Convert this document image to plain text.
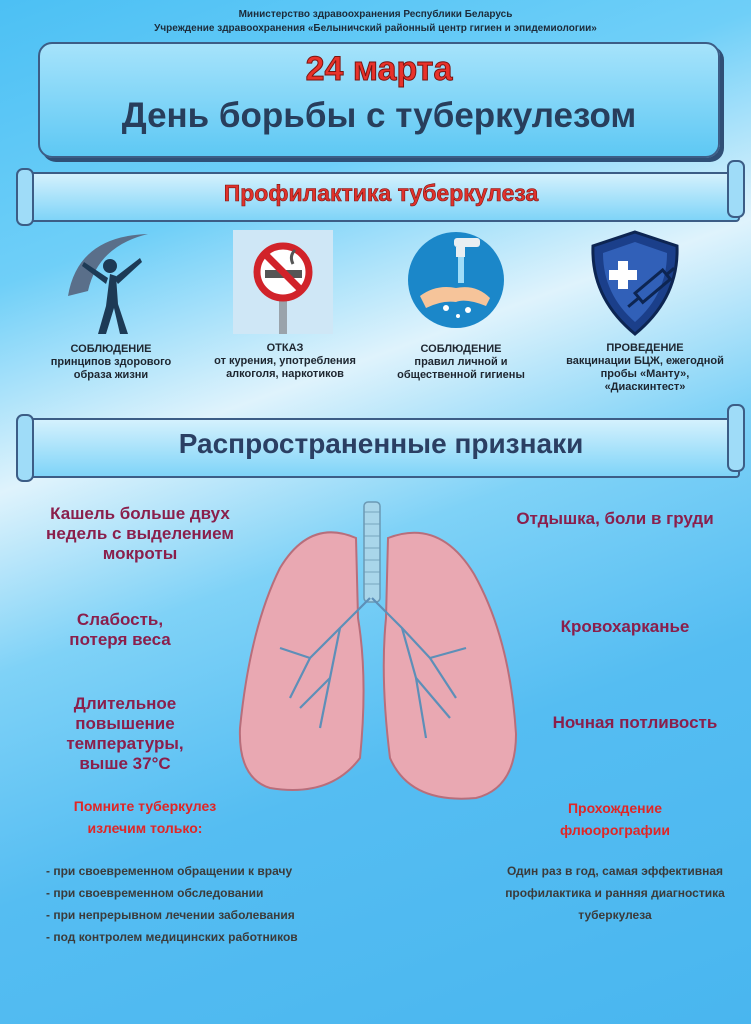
Министерство здравоохранения Республики Беларусь
Учреждение здравоохранения «Белыничский районный центр гигиен и эпидемиологии»
24 марта
День борьбы с туберкулезом
Профилактика туберкулеза
СОБЛЮДЕНИЕ
принципов здорового образа жизни
ОТКАЗ
от курения, употребления алкоголя, наркотиков
СОБЛЮДЕНИЕ
правил личной и общественной гигиены
ПРОВЕДЕНИЕ
вакцинации БЦЖ, ежегодной пробы «Манту», «Диаскинтест»
Распространенные признаки
Кашель больше двух недель с выделением мокроты
Слабость, потеря веса
Длительное повышение температуры, выше 37°С
Отдышка, боли в груди
Кровохарканье
Ночная потливость
Помните туберкулез излечим только:
- при своевременном обращении к врачу
- при своевременном обследовании
- при непрерывном лечении заболевания
- под контролем медицинских работников
Прохождение флюорографии
Один раз в год, самая эффективная профилактика и ранняя диагностика туберкулеза
